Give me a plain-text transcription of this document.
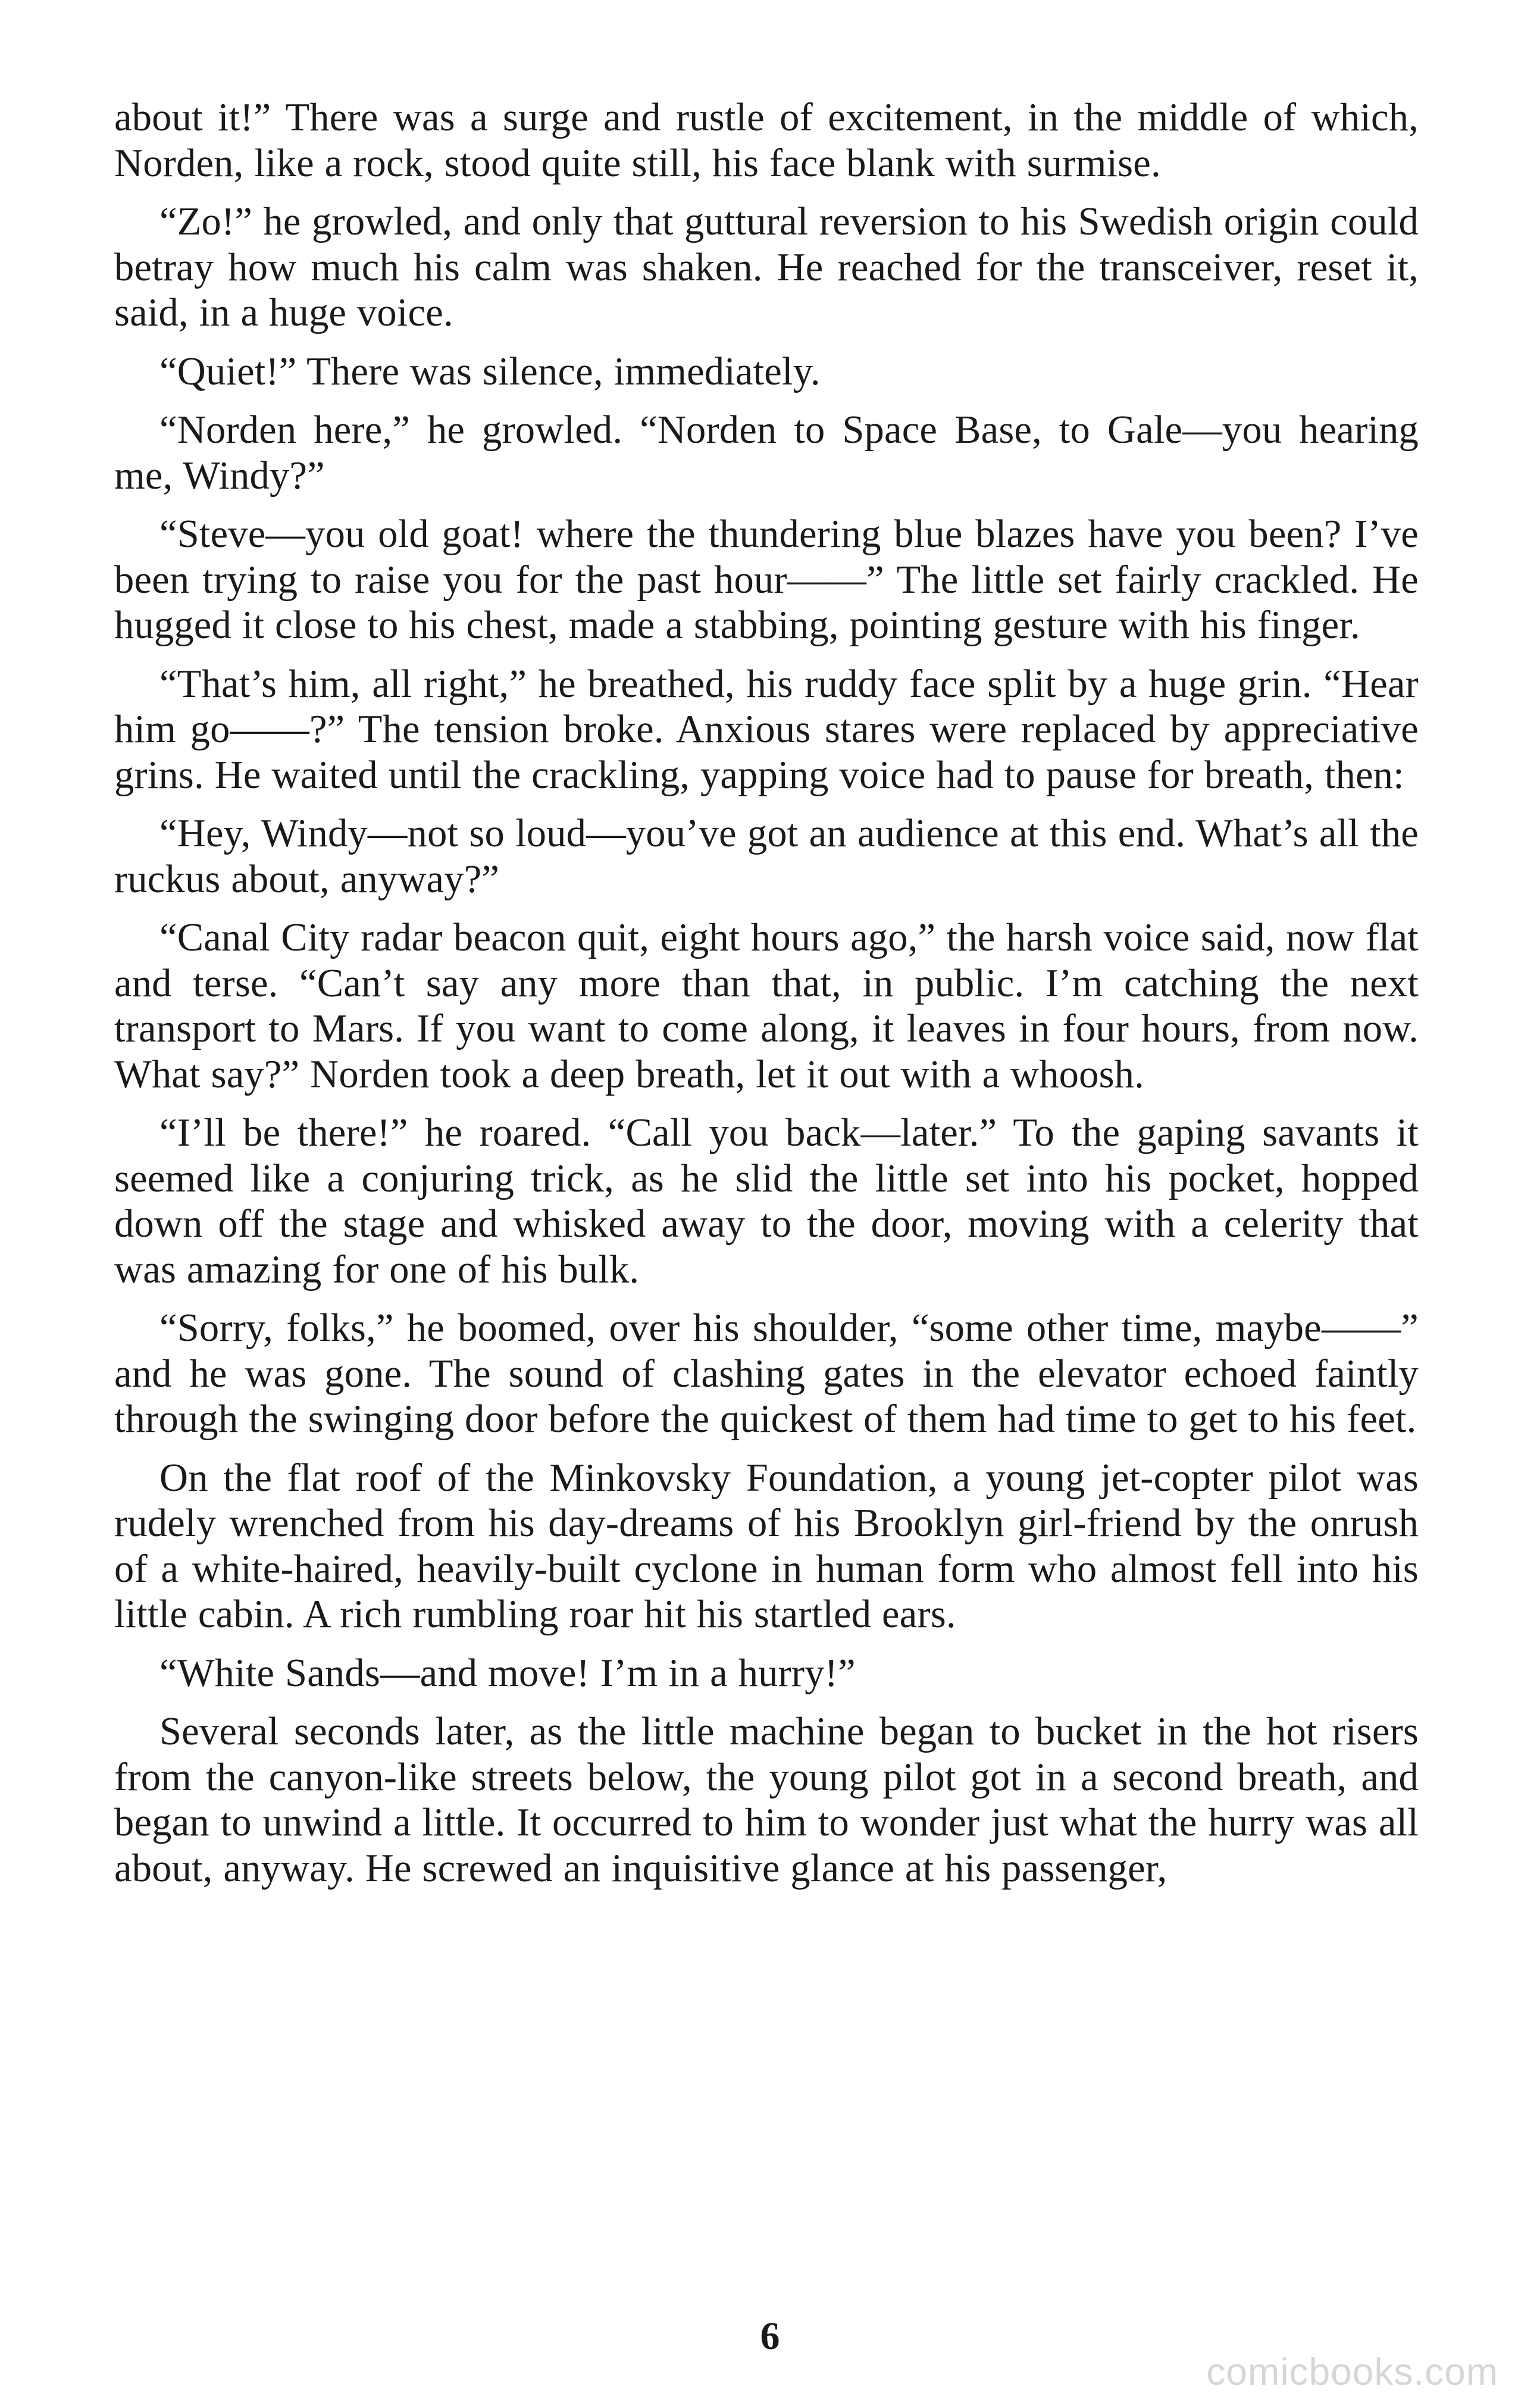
about it!” There was a surge and rustle of excitement, in the middle of which, Norden, like a rock, stood quite still, his face blank with surmise.

“Zo!” he growled, and only that guttural reversion to his Swedish origin could betray how much his calm was shaken. He reached for the transceiver, reset it, said, in a huge voice.

“Quiet!” There was silence, immediately.

“Norden here,” he growled. “Norden to Space Base, to Gale—you hearing me, Windy?”

“Steve—you old goat! where the thundering blue blazes have you been? I’ve been trying to raise you for the past hour——” The little set fairly crackled. He hugged it close to his chest, made a stabbing, pointing gesture with his finger.

“That’s him, all right,” he breathed, his ruddy face split by a huge grin. “Hear him go——?” The tension broke. Anxious stares were replaced by appreciative grins. He waited until the crackling, yapping voice had to pause for breath, then:

“Hey, Windy—not so loud—you’ve got an audience at this end. What’s all the ruckus about, anyway?”

“Canal City radar beacon quit, eight hours ago,” the harsh voice said, now flat and terse. “Can’t say any more than that, in public. I’m catching the next transport to Mars. If you want to come along, it leaves in four hours, from now. What say?” Norden took a deep breath, let it out with a whoosh.

“I’ll be there!” he roared. “Call you back—later.” To the gaping savants it seemed like a conjuring trick, as he slid the little set into his pocket, hopped down off the stage and whisked away to the door, moving with a celerity that was amazing for one of his bulk.

“Sorry, folks,” he boomed, over his shoulder, “some other time, maybe——” and he was gone. The sound of clashing gates in the elevator echoed faintly through the swinging door before the quickest of them had time to get to his feet.

On the flat roof of the Minkovsky Foundation, a young jet-copter pilot was rudely wrenched from his day-dreams of his Brooklyn girl-friend by the onrush of a white-haired, heavily-built cyclone in human form who almost fell into his little cabin. A rich rumbling roar hit his startled ears.

“White Sands—and move! I’m in a hurry!”

Several seconds later, as the little machine began to bucket in the hot risers from the canyon-like streets below, the young pilot got in a second breath, and began to unwind a little. It occurred to him to wonder just what the hurry was all about, anyway. He screwed an inquisitive glance at his passenger,

6
comicbooks.com
